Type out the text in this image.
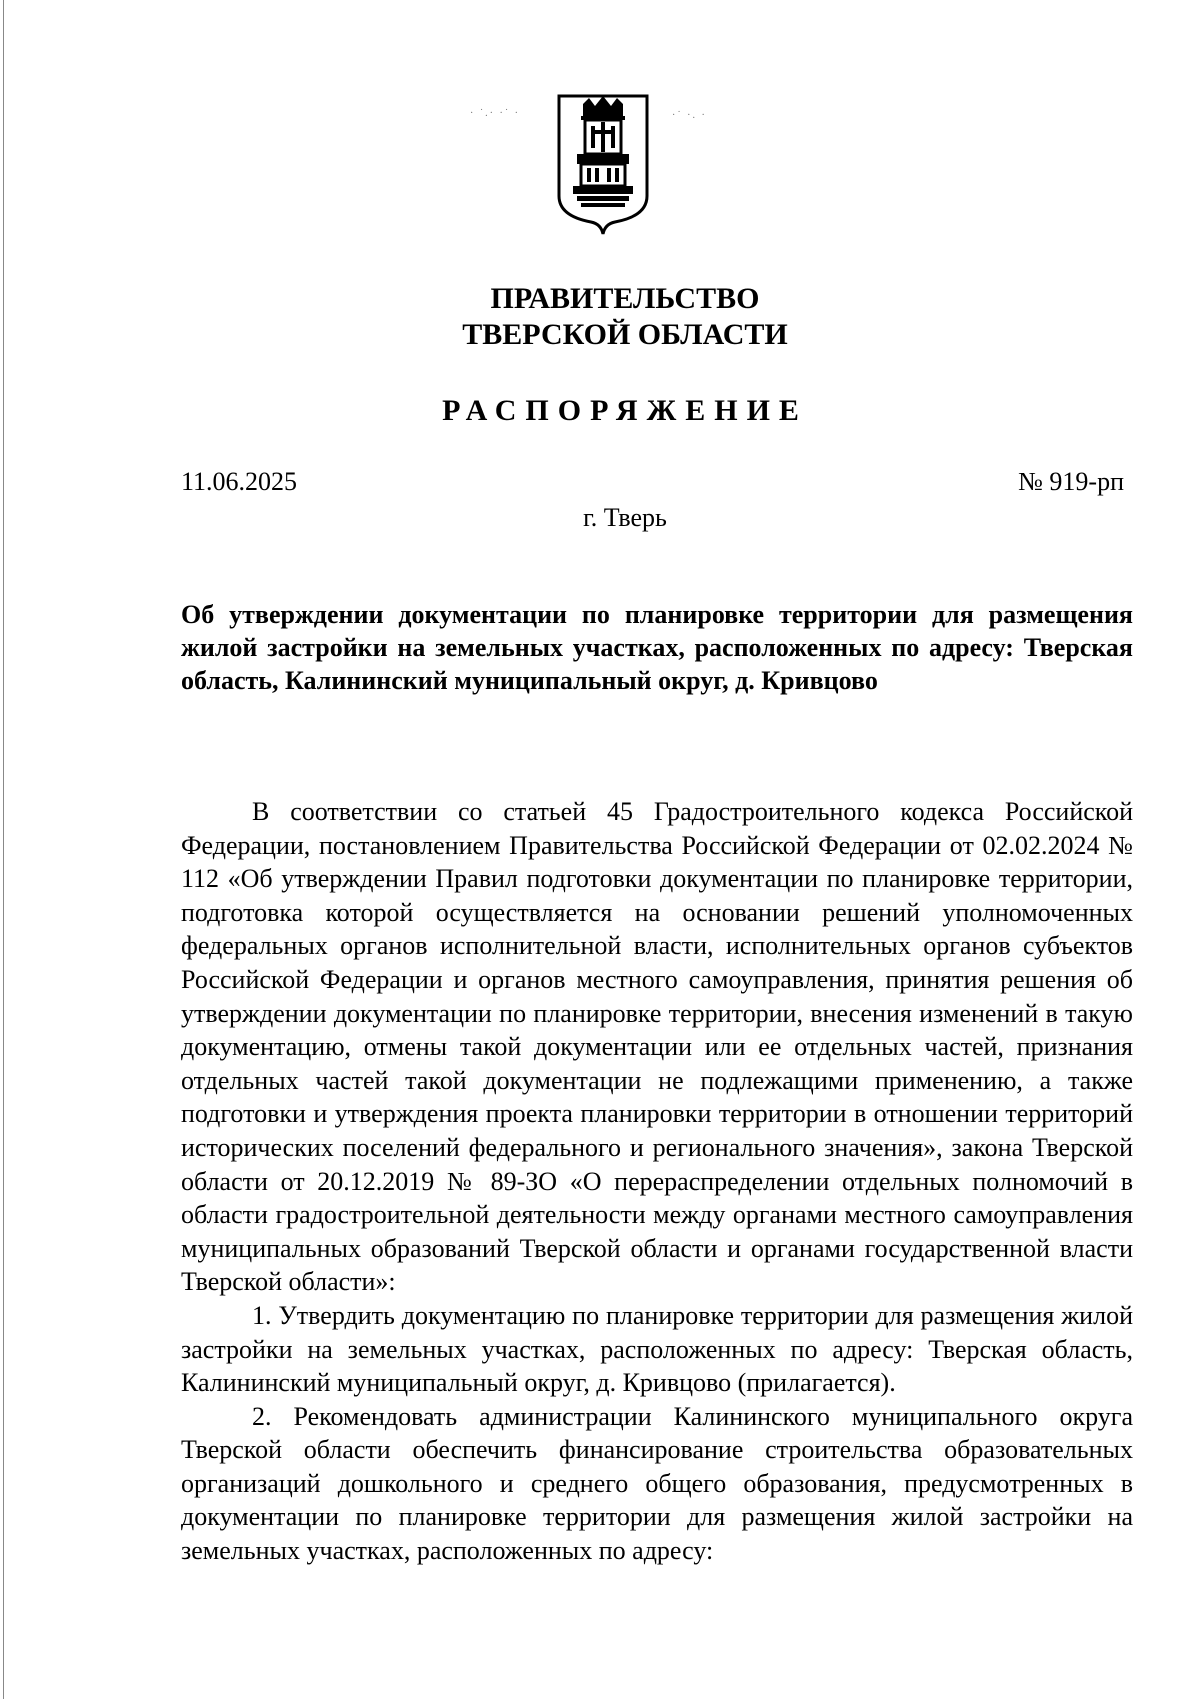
· ˙.· ·˙ ·	·˙ ·. ·
ПРАВИТЕЛЬСТВО
ТВЕРСКОЙ ОБЛАСТИ
РАСПОРЯЖЕНИЕ
11.06.2025	№ 919-рп
г. Тверь
Об утверждении документации по планировке территории для размещения жилой застройки на земельных участках, расположенных по адресу: Тверская область, Калининский муниципальный округ, д. Кривцово

В соответствии со статьей 45 Градостроительного кодекса Российской Федерации, постановлением Правительства Российской Федерации от 02.02.2024 № 112 «Об утверждении Правил подготовки документации по планировке территории, подготовка которой осуществляется на основании решений уполномоченных федеральных органов исполнительной власти, исполнительных органов субъектов Российской Федерации и органов местного самоуправления, принятия решения об утверждении документации по планировке территории, внесения изменений в такую документацию, отмены такой документации или ее отдельных частей, признания отдельных частей такой документации не подлежащими применению, а также подготовки и утверждения проекта планировки территории в отношении территорий исторических поселений федерального и регионального значения», закона Тверской области от 20.12.2019 № 89-ЗО «О перераспределении отдельных полномочий в области градостроительной деятельности между органами местного самоуправления муниципальных образований Тверской области и органами государственной власти Тверской области»:

1. Утвердить документацию по планировке территории для размещения жилой застройки на земельных участках, расположенных по адресу: Тверская область, Калининский муниципальный округ, д. Кривцово (прилагается).

2. Рекомендовать администрации Калининского муниципального округа Тверской области обеспечить финансирование строительства образовательных организаций дошкольного и среднего общего образования, предусмотренных в документации по планировке территории для размещения жилой застройки на земельных участках, расположенных по адресу:
